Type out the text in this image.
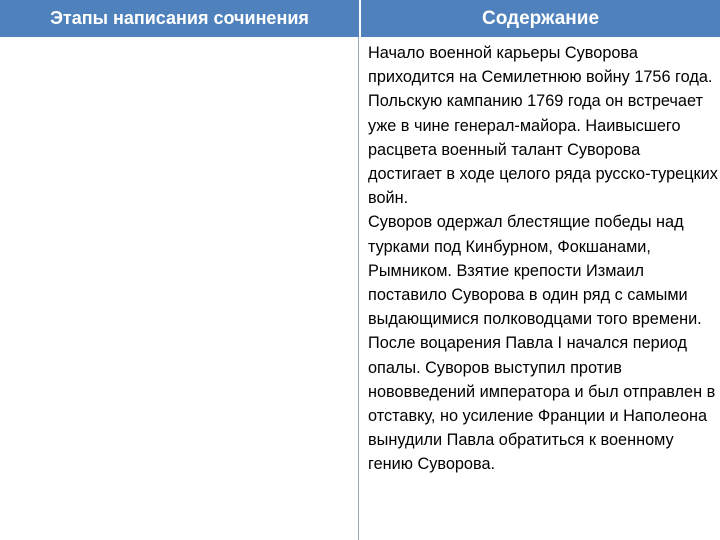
Этапы написания сочинения	Содержание

Начало военной карьеры Суворова приходится на Семилетнюю войну 1756 года. Польскую кампанию 1769 года он встречает уже в чине генерал-майора. Наивысшего расцвета военный талант Суворова достигает в ходе целого ряда русско-турецких войн.

Суворов одержал блестящие победы над турками под Кинбурном, Фокшанами, Рымником. Взятие крепости Измаил поставило Суворова в один ряд с самыми выдающимися полководцами того времени.

После воцарения Павла I начался период опалы. Суворов выступил против нововведений императора и был отправлен в отставку, но усиление Франции и Наполеона вынудили Павла обратиться к военному гению Суворова.
